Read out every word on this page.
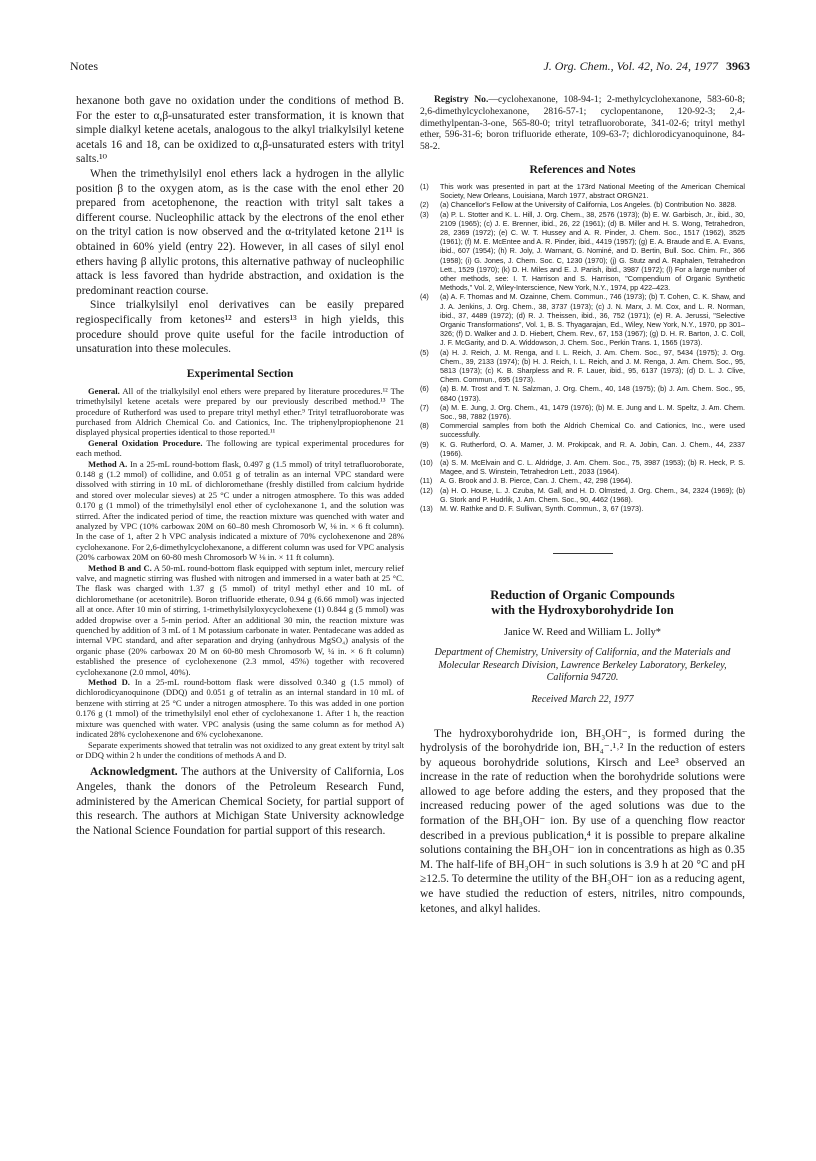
Notes	J. Org. Chem., Vol. 42, No. 24, 1977 3963

hexanone both gave no oxidation under the conditions of method B. For the ester to α,β-unsaturated ester transformation, it is known that simple dialkyl ketene acetals, analogous to the alkyl trialkylsilyl ketene acetals 16 and 18, can be oxidized to α,β-unsaturated esters with trityl salts.¹⁰

When the trimethylsilyl enol ethers lack a hydrogen in the allylic position β to the oxygen atom, as is the case with the enol ether 20 prepared from acetophenone, the reaction with trityl salt takes a different course. Nucleophilic attack by the electrons of the enol ether on the trityl cation is now observed and the α-tritylated ketone 21¹¹ is obtained in 60% yield (entry 22). However, in all cases of silyl enol ethers having β allylic protons, this alternative pathway of nucleophilic attack is less favored than hydride abstraction, and oxidation is the predominant reaction course.

Since trialkylsilyl enol derivatives can be easily prepared regiospecifically from ketones¹² and esters¹³ in high yields, this procedure should prove quite useful for the facile introduction of unsaturation into these molecules.

Experimental Section

General. All of the trialkylsilyl enol ethers were prepared by literature procedures.¹² The trimethylsilyl ketene acetals were prepared by our previously described method.¹³ The procedure of Rutherford was used to prepare trityl methyl ether.⁹ Trityl tetrafluoroborate was purchased from Aldrich Chemical Co. and Cationics, Inc. The triphenylpropiophenone 21 displayed physical properties identical to those reported.¹¹

General Oxidation Procedure. The following are typical experimental procedures for each method.

Method A. In a 25-mL round-bottom flask, 0.497 g (1.5 mmol) of trityl tetrafluoroborate, 0.148 g (1.2 mmol) of collidine, and 0.051 g of tetralin as an internal VPC standard were dissolved with stirring in 10 mL of dichloromethane (freshly distilled from calcium hydride and stored over molecular sieves) at 25 °C under a nitrogen atmosphere. To this was added 0.170 g (1 mmol) of the trimethylsilyl enol ether of cyclohexanone 1, and the solution was stirred. After the indicated period of time, the reaction mixture was quenched with water and analyzed by VPC (10% carbowax 20M on 60–80 mesh Chromosorb W, ⅛ in. × 6 ft column). In the case of 1, after 2 h VPC analysis indicated a mixture of 70% cyclohexenone and 28% cyclohexanone. For 2,6-dimethylcyclohexanone, a different column was used for VPC analysis (20% carbowax 20M on 60-80 mesh Chromosorb W ⅛ in. × 11 ft column).

Method B and C. A 50-mL round-bottom flask equipped with septum inlet, mercury relief valve, and magnetic stirring was flushed with nitrogen and immersed in a water bath at 25 °C. The flask was charged with 1.37 g (5 mmol) of trityl methyl ether and 10 mL of dichloromethane (or acetonitrile). Boron trifluoride etherate, 0.94 g (6.66 mmol) was injected all at once. After 10 min of stirring, 1-trimethylsilyloxycyclohexene (1) 0.844 g (5 mmol) was added dropwise over a 5-min period. After an additional 30 min, the reaction mixture was quenched by addition of 3 mL of 1 M potassium carbonate in water. Pentadecane was added as internal VPC standard, and after separation and drying (anhydrous MgSO₄) analysis of the organic phase (20% carbowax 20 M on 60-80 mesh Chromosorb W, ¼ in. × 6 ft column) established the presence of cyclohexenone (2.3 mmol, 45%) together with recovered cyclohexanone (2.0 mmol, 40%).

Method D. In a 25-mL round-bottom flask were dissolved 0.340 g (1.5 mmol) of dichlorodicyanoquinone (DDQ) and 0.051 g of tetralin as an internal standard in 10 mL of benzene with stirring at 25 °C under a nitrogen atmosphere. To this was added in one portion 0.176 g (1 mmol) of the trimethylsilyl enol ether of cyclohexanone 1. After 1 h, the reaction mixture was quenched with water. VPC analysis (using the same column as for method A) indicated 28% cyclohexenone and 6% cyclohexanone.

Separate experiments showed that tetralin was not oxidized to any great extent by trityl salt or DDQ within 2 h under the conditions of methods A and D.

Acknowledgment. The authors at the University of California, Los Angeles, thank the donors of the Petroleum Research Fund, administered by the American Chemical Society, for partial support of this research. The authors at Michigan State University acknowledge the National Science Foundation for partial support of this research.

Registry No.—cyclohexanone, 108-94-1; 2-methylcyclohexanone, 583-60-8; 2,6-dimethylcyclohexanone, 2816-57-1; cyclopentanone, 120-92-3; 2,4-dimethylpentan-3-one, 565-80-0; trityl tetrafluoroborate, 341-02-6; trityl methyl ether, 596-31-6; boron trifluoride etherate, 109-63-7; dichlorodicyanoquinone, 84-58-2.

References and Notes
(1) This work was presented in part at the 173rd National Meeting of the American Chemical Society, New Orleans, Louisiana, March 1977, abstract ORGN21.
(2) (a) Chancellor's Fellow at the University of California, Los Angeles. (b) Contribution No. 3828.
(3) (a) P. L. Stotter and K. L. Hill, J. Org. Chem., 38, 2576 (1973); (b) E. W. Garbisch, Jr., ibid., 30, 2109 (1965); (c) J. E. Brenner, ibid., 26, 22 (1961); (d) B. Miller and H. S. Wong, Tetrahedron, 28, 2369 (1972); (e) C. W. T. Hussey and A. R. Pinder, J. Chem. Soc., 1517 (1962), 3525 (1961); (f) M. E. McEntee and A. R. Pinder, ibid., 4419 (1957); (g) E. A. Braude and E. A. Evans, ibid., 607 (1954); (h) R. Joly, J. Warnant, G. Nominé, and D. Bertin, Bull. Soc. Chim. Fr., 366 (1958); (i) G. Jones, J. Chem. Soc. C, 1230 (1970); (j) G. Stutz and A. Raphalen, Tetrahedron Lett., 1529 (1970); (k) D. H. Miles and E. J. Parish, ibid., 3987 (1972); (l) For a large number of other methods, see: I. T. Harrison and S. Harrison, "Compendium of Organic Synthetic Methods," Vol. 2, Wiley-Interscience, New York, N.Y., 1974, pp 422–423.
(4) (a) A. F. Thomas and M. Ozainne, Chem. Commun., 746 (1973); (b) T. Cohen, C. K. Shaw, and J. A. Jenkins, J. Org. Chem., 38, 3737 (1973); (c) J. N. Marx, J. M. Cox, and L. R. Norman, ibid., 37, 4489 (1972); (d) R. J. Theissen, ibid., 36, 752 (1971); (e) R. A. Jerussi, "Selective Organic Transformations", Vol. 1, B. S. Thyagarajan, Ed., Wiley, New York, N.Y., 1970, pp 301–326; (f) D. Walker and J. D. Hiebert, Chem. Rev., 67, 153 (1967); (g) D. H. R. Barton, J. C. Coll, J. F. McGarity, and D. A. Widdowson, J. Chem. Soc., Perkin Trans. 1, 1565 (1973).
(5) (a) H. J. Reich, J. M. Renga, and I. L. Reich, J. Am. Chem. Soc., 97, 5434 (1975); J. Org. Chem., 39, 2133 (1974); (b) H. J. Reich, I. L. Reich, and J. M. Renga, J. Am. Chem. Soc., 95, 5813 (1973); (c) K. B. Sharpless and R. F. Lauer, ibid., 95, 6137 (1973); (d) D. L. J. Clive, Chem. Commun., 695 (1973).
(6) (a) B. M. Trost and T. N. Salzman, J. Org. Chem., 40, 148 (1975); (b) J. Am. Chem. Soc., 95, 6840 (1973).
(7) (a) M. E. Jung, J. Org. Chem., 41, 1479 (1976); (b) M. E. Jung and L. M. Speltz, J. Am. Chem. Soc., 98, 7882 (1976).
(8) Commercial samples from both the Aldrich Chemical Co. and Cationics, Inc., were used successfully.
(9) K. G. Rutherford, O. A. Mamer, J. M. Prokipcak, and R. A. Jobin, Can. J. Chem., 44, 2337 (1966).
(10) (a) S. M. McElvain and C. L. Aldridge, J. Am. Chem. Soc., 75, 3987 (1953); (b) R. Heck, P. S. Magee, and S. Winstein, Tetrahedron Lett., 2033 (1964).
(11) A. G. Brook and J. B. Pierce, Can. J. Chem., 42, 298 (1964).
(12) (a) H. O. House, L. J. Czuba, M. Gall, and H. D. Olmsted, J. Org. Chem., 34, 2324 (1969); (b) G. Stork and P. Hudrlik, J. Am. Chem. Soc., 90, 4462 (1968).
(13) M. W. Rathke and D. F. Sullivan, Synth. Commun., 3, 67 (1973).
Reduction of Organic Compounds
with the Hydroxyborohydride Ion
Janice W. Reed and William L. Jolly*
Department of Chemistry, University of California, and the Materials and Molecular Research Division, Lawrence Berkeley Laboratory, Berkeley, California 94720.
Received March 22, 1977

The hydroxyborohydride ion, BH₃OH⁻, is formed during the hydrolysis of the borohydride ion, BH₄⁻.¹˒² In the reduction of esters by aqueous borohydride solutions, Kirsch and Lee³ observed an increase in the rate of reduction when the borohydride solutions were allowed to age before adding the esters, and they proposed that the increased reducing power of the aged solutions was due to the formation of the BH₃OH⁻ ion. By use of a quenching flow reactor described in a previous publication,⁴ it is possible to prepare alkaline solutions containing the BH₃OH⁻ ion in concentrations as high as 0.35 M. The half-life of BH₃OH⁻ in such solutions is 3.9 h at 20 °C and pH ≥12.5. To determine the utility of the BH₃OH⁻ ion as a reducing agent, we have studied the reduction of esters, nitriles, nitro compounds, ketones, and alkyl halides.
